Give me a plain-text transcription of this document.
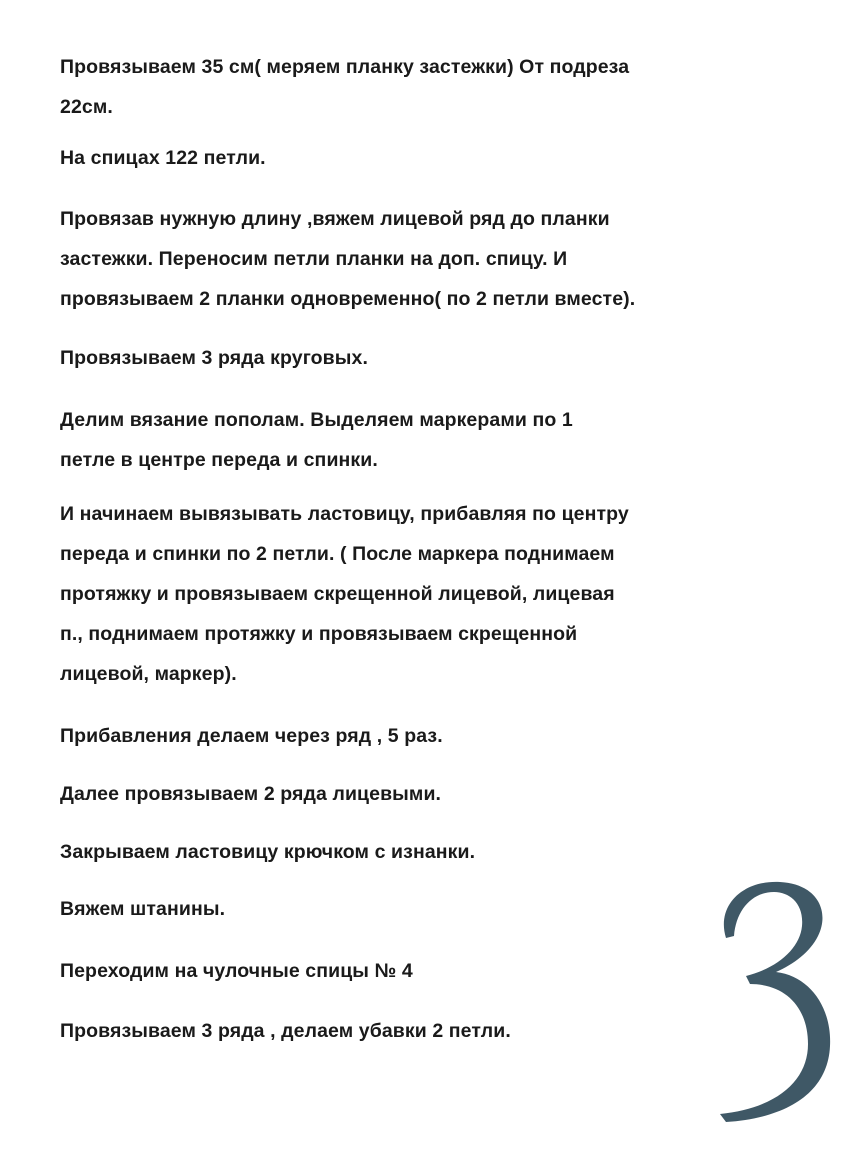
Провязываем 35 см( меряем планку застежки) От подреза
22см.

На спицах 122 петли.

Провязав нужную длину ,вяжем лицевой ряд до планки
застежки. Переносим петли планки на доп. спицу. И
провязываем 2 планки одновременно( по 2 петли вместе).

Провязываем 3 ряда круговых.

Делим вязание пополам. Выделяем маркерами по 1
петле в центре переда и спинки.

И начинаем вывязывать ластовицу, прибавляя по центру
переда и спинки по 2 петли. ( После маркера поднимаем
протяжку и провязываем скрещенной лицевой, лицевая
п., поднимаем протяжку и провязываем скрещенной
лицевой, маркер).

Прибавления делаем через ряд , 5 раз.

Далее провязываем 2 ряда лицевыми.

Закрываем ластовицу крючком с изнанки.

Вяжем штанины.

Переходим на чулочные спицы № 4

Провязываем 3 ряда , делаем убавки 2 петли.
